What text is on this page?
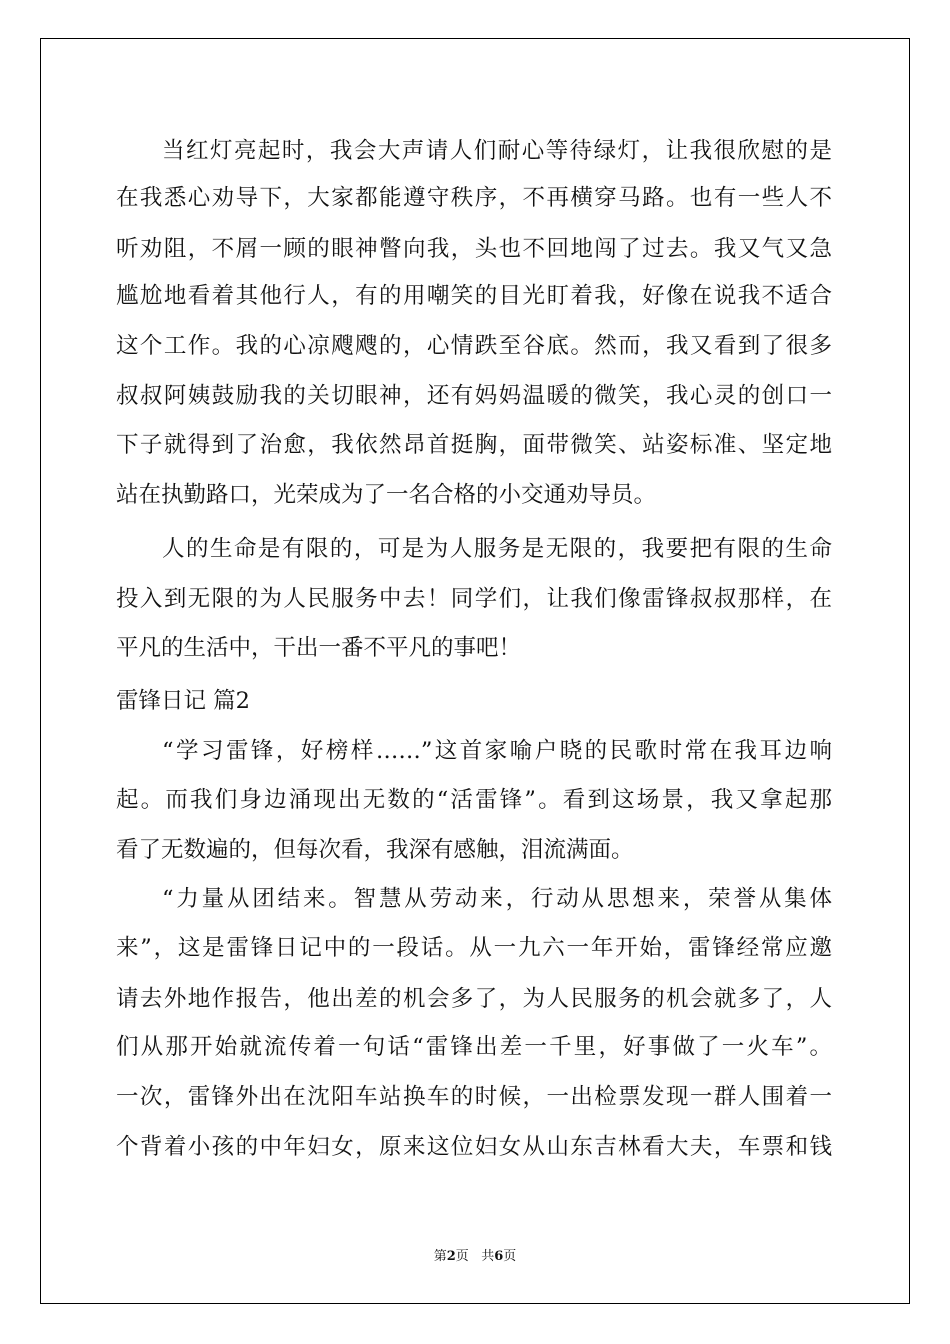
当红灯亮起时，我会大声请人们耐心等待绿灯，让我很欣慰的是
在我悉心劝导下，大家都能遵守秩序，不再横穿马路。也有一些人不
听劝阻，不屑一顾的眼神瞥向我，头也不回地闯了过去。我又气又急
尴尬地看着其他行人，有的用嘲笑的目光盯着我，好像在说我不适合
这个工作。我的心凉飕飕的，心情跌至谷底。然而，我又看到了很多
叔叔阿姨鼓励我的关切眼神，还有妈妈温暖的微笑，我心灵的创口一
下子就得到了治愈，我依然昂首挺胸，面带微笑、站姿标准、坚定地
站在执勤路口，光荣成为了一名合格的小交通劝导员。
人的生命是有限的，可是为人服务是无限的，我要把有限的生命
投入到无限的为人民服务中去！同学们，让我们像雷锋叔叔那样，在
平凡的生活中，干出一番不平凡的事吧！
雷锋日记 篇2
“学习雷锋，好榜样……”这首家喻户晓的民歌时常在我耳边响
起。而我们身边涌现出无数的“活雷锋”。看到这场景，我又拿起那
看了无数遍的，但每次看，我深有感触，泪流满面。
“力量从团结来。智慧从劳动来，行动从思想来，荣誉从集体
来”，这是雷锋日记中的一段话。从一九六一年开始，雷锋经常应邀
请去外地作报告，他出差的机会多了，为人民服务的机会就多了，人
们从那开始就流传着一句话“雷锋出差一千里，好事做了一火车”。
一次，雷锋外出在沈阳车站换车的时候，一出检票发现一群人围着一
个背着小孩的中年妇女，原来这位妇女从山东吉林看大夫，车票和钱
第2页 共6页
